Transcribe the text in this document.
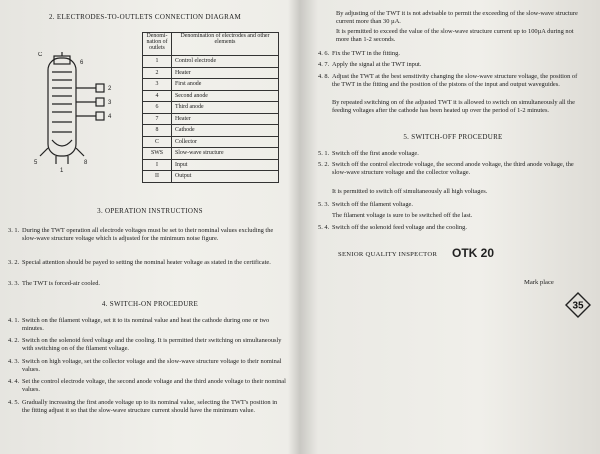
2. ELECTRODES-TO-OUTLETS CONNECTION DIAGRAM
C
6
2
3
4
5	8
1
Denomi-nation of outlets	Denomination of electrodes and other elements
1	Control electrode
2	Heater
3	First anode
4	Second anode
6	Third anode
7	Heater
8	Cathode
C	Collector
SWS	Slow-wave structure
I	Input
II	Output
3. OPERATION INSTRUCTIONS
3. 1. During the TWT operation all electrode voltages must be set to their nominal values excluding the slow-wave structure voltage which is adjusted for the minimum noise figure.
3. 2. Special attention should be payed to setting the nominal heater voltage as stated in the certificate.
3. 3. The TWT is forced-air cooled.
4. SWITCH-ON PROCEDURE
4. 1. Switch on the filament voltage, set it to its nominal value and heat the cathode during one or two minutes.
4. 2. Switch on the solenoid feed voltage and the cooling. It is permitted their switching on simultaneously with switching on of the filament voltage.
4. 3. Switch on high voltage, set the collector voltage and the slow-wave structure voltage to their nominal values.
4. 4. Set the control electrode voltage, the second anode voltage and the third anode voltage to their nominal values.
4. 5. Gradually increasing the first anode voltage up to its nominal value, selecting the TWT's position in the fitting adjust it so that the slow-wave structure current should have the minimum value.
By adjusting of the TWT it is not advisable to permit the exceeding of the slow-wave structure current more than 30 µA.
It is permitted to exceed the value of the slow-wave structure current up to 100µA during not more than 1-2 seconds.
4. 6. Fix the TWT in the fitting.
4. 7. Apply the signal at the TWT input.
4. 8. Adjust the TWT at the best sensitivity changing the slow-wave structure voltage, the position of the TWT in the fitting and the position of the pistons of the input and output waveguides.
By repeated switching on of the adjusted TWT it is allowed to switch on simultaneously all the feeding voltages after the cathode has been heated up over the period of 1-2 minutes.
5. SWITCH-OFF PROCEDURE
5. 1. Switch off the first anode voltage.
5. 2. Switch off the control electrode voltage, the second anode voltage, the third anode voltage, the slow-wave structure voltage and the collector voltage.
It is permitted to switch off simultaneously all high voltages.
5. 3. Switch off the filament voltage.
The filament voltage is sure to be switched off the last.
5. 4. Switch off the solenoid feed voltage and the cooling.
SENIOR QUALITY INSPECTOR OTK 20
Mark place
35
